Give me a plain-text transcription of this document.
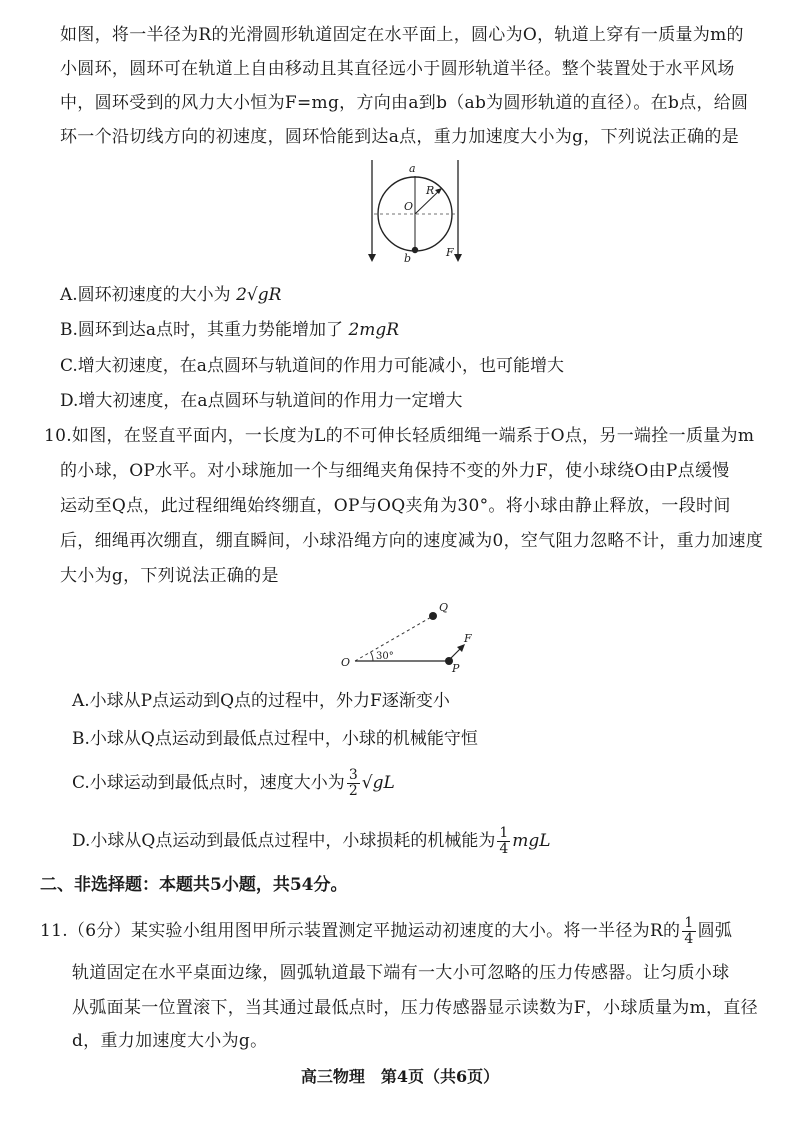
如图，将一半径为R的光滑圆形轨道固定在水平面上，圆心为O，轨道上穿有一质量为m的
小圆环，圆环可在轨道上自由移动且其直径远小于圆形轨道半径。整个装置处于水平风场
中，圆环受到的风力大小恒为F=mg，方向由a到b（ab为圆形轨道的直径）。在b点，给圆
环一个沿切线方向的初速度，圆环恰能到达a点，重力加速度大小为g，下列说法正确的是
a
b
O
R
F
A.圆环初速度的大小为 2√gR
B.圆环到达a点时，其重力势能增加了 2mgR
C.增大初速度，在a点圆环与轨道间的作用力可能减小，也可能增大
D.增大初速度，在a点圆环与轨道间的作用力一定增大
10.如图，在竖直平面内，一长度为L的不可伸长轻质细绳一端系于O点，另一端拴一质量为m
的小球，OP水平。对小球施加一个与细绳夹角保持不变的外力F，使小球绕O由P点缓慢
运动至Q点，此过程细绳始终绷直，OP与OQ夹角为30°。将小球由静止释放，一段时间
后，细绳再次绷直，绷直瞬间，小球沿绳方向的速度减为0，空气阻力忽略不计，重力加速度
大小为g，下列说法正确的是
O	P
Q
F
30°
A.小球从P点运动到Q点的过程中，外力F逐渐变小
B.小球从Q点运动到最低点过程中，小球的机械能守恒
C.小球运动到最低点时，速度大小为 $\frac{3}{2} √gL$
D.小球从Q点运动到最低点过程中，小球损耗的机械能为 $\frac{1}{4}$ mgL
二、非选择题：本题共5小题，共54分。
11.（6分）某实验小组用图甲所示装置测定平抛运动初速度的大小。将一半径为R的 $\frac{1}{4}$ 圆弧
轨道固定在水平桌面边缘，圆弧轨道最下端有一大小可忽略的压力传感器。让匀质小球
从弧面某一位置滚下，当其通过最低点时，压力传感器显示读数为F，小球质量为m，直径
d，重力加速度大小为g。
高三物理　第4页（共6页）
